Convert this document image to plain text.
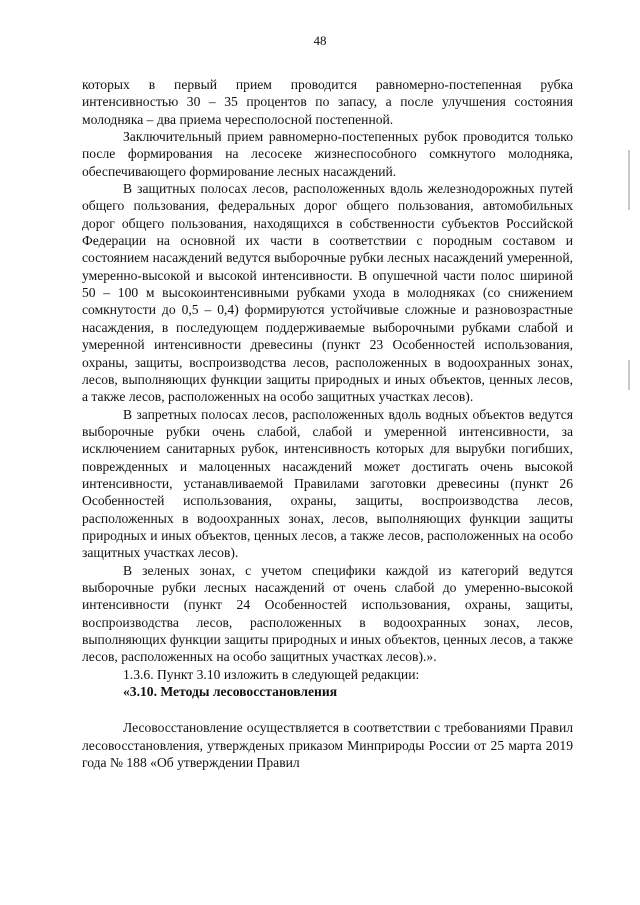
48

которых в первый прием проводится равномерно-постепенная рубка интенсивностью 30 – 35 процентов по запасу, а после улучшения состояния молодняка – два приема чересполосной постепенной.

Заключительный прием равномерно-постепенных рубок проводится только после формирования на лесосеке жизнеспособного сомкнутого молодняка, обеспечивающего формирование лесных насаждений.

В защитных полосах лесов, расположенных вдоль железнодорожных путей общего пользования, федеральных дорог общего пользования, автомобильных дорог общего пользования, находящихся в собственности субъектов Российской Федерации на основной их части в соответствии с породным составом и состоянием насаждений ведутся выборочные рубки лесных насаждений умеренной, умеренно-высокой и высокой интенсивности. В опушечной части полос шириной 50 – 100 м высокоинтенсивными рубками ухода в молодняках (со снижением сомкнутости до 0,5 – 0,4) формируются устойчивые сложные и разновозрастные насаждения, в последующем поддерживаемые выборочными рубками слабой и умеренной интенсивности древесины (пункт 23 Особенностей использования, охраны, защиты, воспроизводства лесов, расположенных в водоохранных зонах, лесов, выполняющих функции защиты природных и иных объектов, ценных лесов, а также лесов, расположенных на особо защитных участках лесов).

В запретных полосах лесов, расположенных вдоль водных объектов ведутся выборочные рубки очень слабой, слабой и умеренной интенсивности, за исключением санитарных рубок, интенсивность которых для вырубки погибших, поврежденных и малоценных насаждений может достигать очень высокой интенсивности, устанавливаемой Правилами заготовки древесины (пункт 26 Особенностей использования, охраны, защиты, воспроизводства лесов, расположенных в водоохранных зонах, лесов, выполняющих функции защиты природных и иных объектов, ценных лесов, а также лесов, расположенных на особо защитных участках лесов).

В зеленых зонах, с учетом специфики каждой из категорий ведутся выборочные рубки лесных насаждений от очень слабой до умеренно-высокой интенсивности (пункт 24 Особенностей использования, охраны, защиты, воспроизводства лесов, расположенных в водоохранных зонах, лесов, выполняющих функции защиты природных и иных объектов, ценных лесов, а также лесов, расположенных на особо защитных участках лесов).».

1.3.6. Пункт 3.10 изложить в следующей редакции:

«3.10. Методы лесовосстановления

Лесовосстановление осуществляется в соответствии с требованиями Правил лесовосстановления, утвержденых приказом Минприроды России от 25 марта 2019 года № 188 «Об утверждении Правил
